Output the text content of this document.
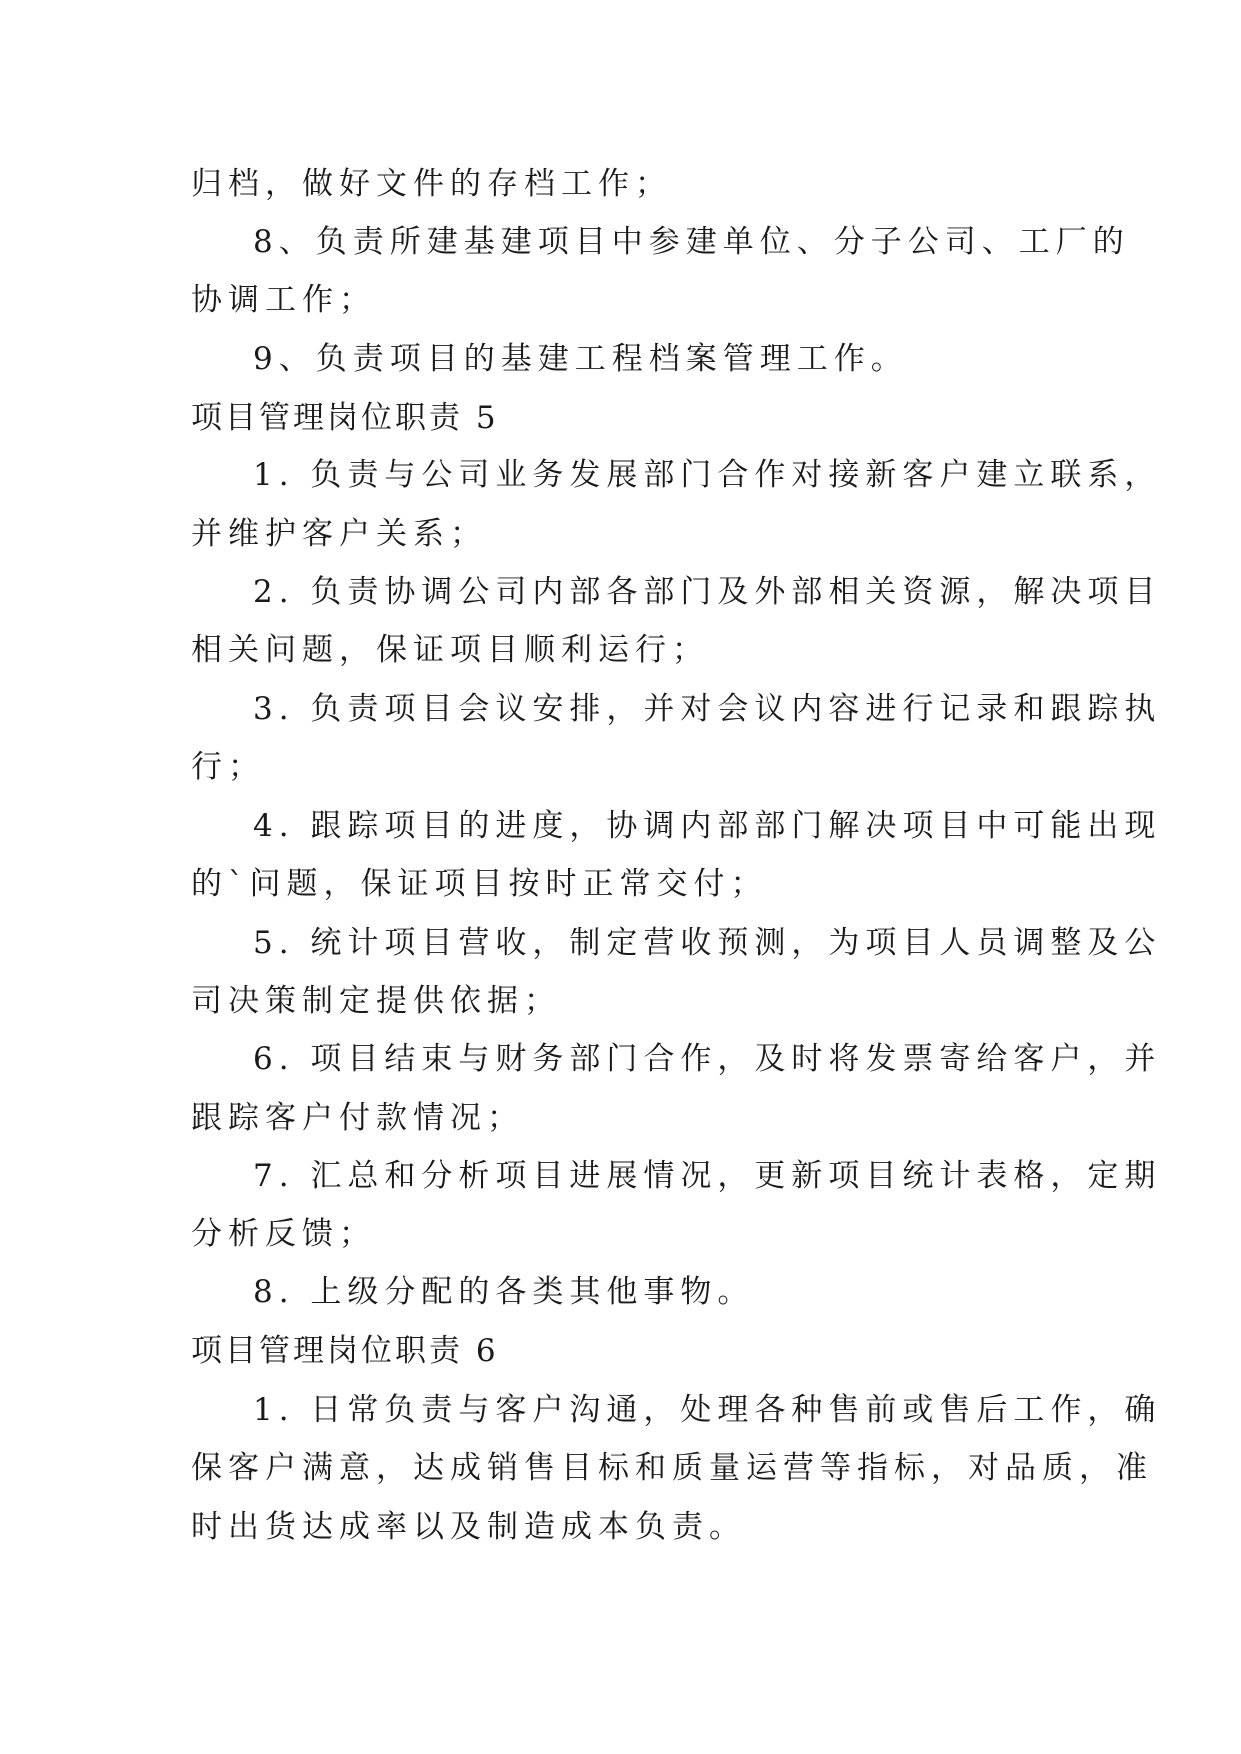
归档，做好文件的存档工作；
8、负责所建基建项目中参建单位、分子公司、工厂的
协调工作；
9、负责项目的基建工程档案管理工作。
项目管理岗位职责 5
1. 负责与公司业务发展部门合作对接新客户建立联系，
并维护客户关系；
2. 负责协调公司内部各部门及外部相关资源，解决项目
相关问题，保证项目顺利运行；
3. 负责项目会议安排，并对会议内容进行记录和跟踪执
行；
4. 跟踪项目的进度，协调内部部门解决项目中可能出现
的`问题，保证项目按时正常交付；
5. 统计项目营收，制定营收预测，为项目人员调整及公
司决策制定提供依据；
6. 项目结束与财务部门合作，及时将发票寄给客户，并
跟踪客户付款情况；
7. 汇总和分析项目进展情况，更新项目统计表格，定期
分析反馈；
8. 上级分配的各类其他事物。
项目管理岗位职责 6
1. 日常负责与客户沟通，处理各种售前或售后工作，确
保客户满意，达成销售目标和质量运营等指标，对品质，准
时出货达成率以及制造成本负责。
